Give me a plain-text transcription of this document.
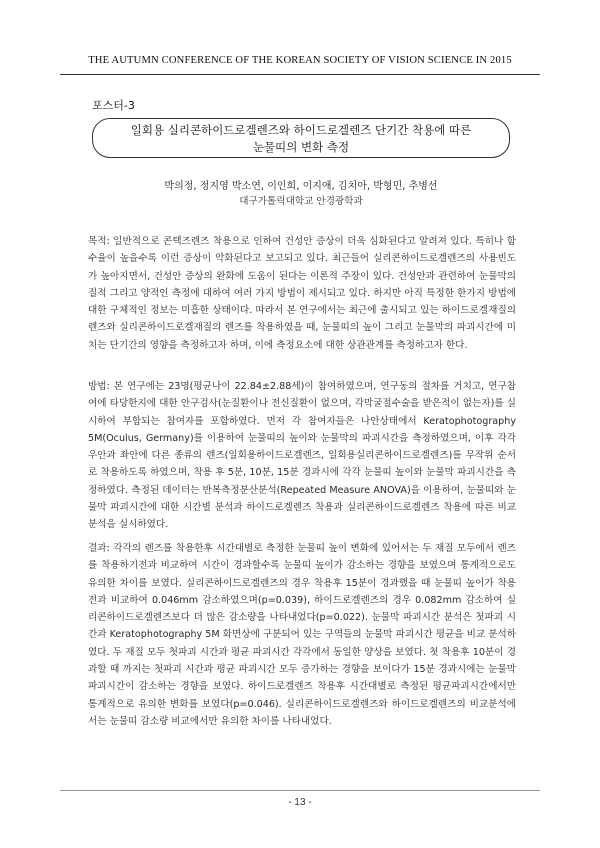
THE AUTUMN CONFERENCE OF THE KOREAN SOCIETY OF VISION SCIENCE IN 2015
포스터-3
일회용 실리콘하이드로겔렌즈와 하이드로겔렌즈 단기간 착용에 따른
눈물띠의 변화 측정
박의정, 정지영 박소연, 이인희, 이지애, 김치아, 박형민, 추병선
대구가톨릭대학교 안경광학과
목적: 일반적으로 콘택즈렌즈 착용으로 인하여 건성안 증상이 더욱 심화된다고 알려져 있다. 특히나 함수율이 높을수록 이런 증상이 악화된다고 보고되고 있다. 최근들어 실리콘하이드로겔렌즈의 사용빈도가 높아지면서, 건성안 증상의 완화에 도움이 된다는 이론적 주장이 있다. 건성안과 관련하여 눈물막의 질적 그리고 양적인 측정에 대하여 여러 가지 방법이 제시되고 있다. 하지만 아직 특정한 한가지 방법에 대한 구체적인 정보는 미흡한 상태이다. 따라서 본 연구에서는 최근에 출시되고 있는 하이드로겔재질의 렌즈와 실리콘하이드로겔재질의 렌즈를 착용하였을 때, 눈물띠의 높이 그리고 눈물막의 파괴시간에 미치는 단기간의 영향을 측정하고자 하며, 이에 측정요소에 대한 상관관계를 측정하고자 한다.
방법: 본 연구에는 23명(평균나이 22.84±2.88세)이 참여하였으며, 연구동의 절차를 거치고, 연구참여에 타당한지에 대한 안구검사(눈질환이나 전신질환이 없으며, 각막굴절수술을 받은적이 없는자)를 실시하여 부합되는 참여자를 포함하였다. 먼저 각 참여자들은 나안상태에서 Keratophotography 5M(Oculus, Germany)를 이용하여 눈물띠의 높이와 눈물막의 파괴시간을 측정하였으며, 이후 각각 우안과 좌안에 다른 종류의 렌즈(일회용하이드로겔렌즈, 일회용실리콘하이드로겔렌즈)를 무작위 순서로 착용하도록 하였으며, 착용 후 5분, 10분, 15분 경과시에 각각 눈물띠 높이와 눈물막 파괴시간을 측정하였다. 측정된 데이터는 반복측정분산분석(Repeated Measure ANOVA)을 이용하여, 눈물띠와 눈물막 파괴시간에 대한 시간별 분석과 하이드로겔렌즈 착용과 실리콘하이드로겔렌즈 착용에 따른 비교분석을 실시하였다.
결과: 각각의 렌즈를 착용한후 시간대별로 측정한 눈물띠 높이 변화에 있어서는 두 재질 모두에서 렌즈를 착용하기전과 비교하여 시간이 경과할수록 눈물띠 높이가 감소하는 경향을 보였으며 통계적으로도 유의한 차이를 보였다. 실리콘하이드로겔렌즈의 경우 착용후 15분이 경과했을 때 눈물띠 높이가 착용전과 비교하여 0.046mm 감소하였으며(p=0.039), 하이드로겔렌즈의 경우 0.082mm 감소하여 실리콘하이드로겔렌즈보다 더 많은 감소량을 나타내었다(p=0.022). 눈물막 파괴시간 분석은 첫파괴 시간과 Keratophotography 5M 화면상에 구분되어 있는 구역들의 눈물막 파괴시간 평균을 비교 분석하였다. 두 재질 모두 첫파괴 시간과 평균 파괴시간 각각에서 동일한 양상을 보였다. 첫 착용후 10분이 경과할 때 까지는 첫파괴 시간과 평균 파괴시간 모두 증가하는 경향을 보이다가 15분 경과시에는 눈물막 파괴시간이 감소하는 경향을 보였다. 하이드로겔렌즈 착용후 시간대별로 측정된 평균파괴시간에서만 통계적으로 유의한 변화를 보였다(p=0.046). 실리콘하이드로겔렌즈와 하이드로겔렌즈의 비교분석에서는 눈물띠 감소량 비교에서만 유의한 차이를 나타내었다.
- 13 -
